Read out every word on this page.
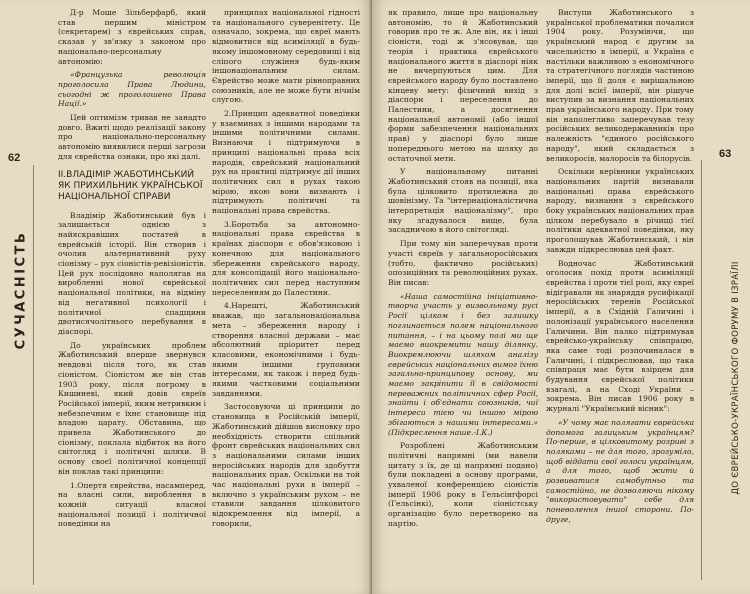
СУЧАСНІСТЬ
62

Д-р Моше Зільберфарб, який став першим міністром (секретарем) з єврейських справ, сказав у зв'язку з законом про національно-персональну автономію:

«Французька революція проголосила Права Людини, сьогодні ж проголошено Права Нації.»

Цей оптимізм тривав не занадто довго. Вжиті щодо реалізації закону про національно-персональну автономію виявилися перші загрози для єврейства ознаки, про які далі.

ІІ.ВЛАДІМІР ЖАБОТИНСЬКИЙ ЯК ПРИХИЛЬНИК УКРАЇНСЬКОЇ НАЦІОНАЛЬНОЇ СПРАВИ

Владімір Жаботинський був і залишається однією з найяскравіших постатей в єврейській історії. Він створив і очолив альтернативний руху сіонізму – рух сіоністів-ревізіоністів. Цей рух послідовно наполягав на виробленні нової єврейської національної політики, на відміну від негативної психології і політичної спадщини двотисячолітнього перебування в діаспорі.

До українських проблем Жаботинський вперше звернувся невдовзі після того, як став сіоністом. Сіоністом же він став 1903 року, після погрому в Кишиневі, який довів євреїв Російської імперії, яким нетривким і небезпечним є їхнє становище під владою царату. Обставина, що привела Жаботинського до сіонізму, поклала відбиток на його світогляд і політичні шляхи. В основу своєї політичної концепції він поклав такі принципи:

1.Опертя єврейства, насамперед, на власні сили, вироблення в кожній ситуації власної національної позиції і політичної поведінки на

принципах національної гідності та національного суверенітету. Це означало, зокрема, що євреї мають відмовитися від асиміляції в будь-якому іншомовному середовищі і від сліпого служіння будь-яким іншонаціональним силам. Єврейство може мати рівноправних союзників, але не може бути нічиїм слугою.

2.Принцип адекватної поведінки у взаєминах з іншими народами та іншими політичними силами. Визнаючи і підтримуючи в принципі національні права всіх народів, єврейський національний рух на практиці підтримує дії інших політичних сил в рухах такою мірою, якою вони визнають і підтримують політичні та національні права єврейства.

3.Боротьба за автономно-національні права єврейства в країнах діаспори є обов'язковою і конечною для національного збереження єврейського народу, для консолідації його національно-політичних сил перед наступним переселенням до Палестини.

4.Нарешті, Жаботинський вважав, що загальнонаціональна мета – збереження народу і створення власної держави – має абсолютний пріоритет перед класовими, економічними і будь-якими іншими груповими інтересами, як також і перед будь-якими частковими соціальними завданнями.

Застосовуючи ці принципи до становища в Російській імперії, Жаботинський дійшов висновку про необхідність створити спільний фронт єврейських національних сил з національними силами інших неросійських народів для здобуття національних прав. Оскільки на той час національні рухи в імперії – включно з українським рухом – не ставили завдання цілковитого відокремлення від імперії, а говорили,

як правило, лише про національну автономію, то й Жаботинський говорив про те ж. Але він, як і інші сіоністи, тоді ж з'ясовував, що теорія і практика єврейського національного життя в діаспорі ніяк не вичерпуються цим. Для єврейського народу було поставлено кінцеву мету: фізичний вихід з діаспори і переселення до Палестини, а досягнення національної автономії (або іншої форми забезпечення національних прав) у діаспорі було лише попереднього метою на шляху до остаточної мети.

У національному питанні Жаботинський стояв на позиції, яка була цілковито протилежна до шовінізму. Та "інтернаціоналістична інтерпретація націоналізму", про яку згадувалося вище, була засадничою в його світогляді.

При тому він заперечував проти участі євреїв у загальноросійських (тобто, фактично російських) опозиційних та революційних рухах. Він писав:

«Наша самостійна ініціативно-творча участь у визвольному русі Росії цілком і без залишку поглинається полем національного питання, – і на цьому полі ми ще маємо виокремити нашу ділянку. Виокремлюючи шляхом аналізу єврейських національних вимог їхню загально-принципову основу, ми маємо закріпити її в свідомості переважних політичних сфер Росії, знайти і об'єднати союзників, чиї інтереси тією чи іншою мірою збігаються з нашими інтересами.» (Підкреслення наше.-І.К.)

Розроблені Жаботинським політичні напрямні (ми навели цитату з їх, де ці напрямні подано) були покладені в основу програми, ухваленої конференцією сіоністів імперії 1906 року в Гельсінгфорсі (Гельсінкі), коли сіоністську організацію було перетворено на партію.

Виступи Жаботинського з української проблематики почалися 1904 року. Розуміючи, що український народ є другим за чисельністю в імперії, а Україна є настільки важливою з економічного та стратегічного поглядів частиною імперії, що її доля є вирішальною для долі всієї імперії, він рішуче виступив за визнання національних прав українського народу. При тому він наполегливо заперечував тезу російських великодержавників про належність "єдиного російського народу", який складається з великоросів, малоросів та білорусів.

Оскільки керівники українських національних партій визнавали національні права єврейського народу, визнання з єврейського боку українських національних прав цілком перебувало в річищі тієї політики адекватної поведінки, яку проголошував Жаботинський, і він завжди підкреслював цей факт.

Водночас Жаботинський оголосив похід проти асиміляції єврейства і проти тієї ролі, яку євреї відігравали як знаряддя русифікації неросійських теренів Російської імперії, а в Східній Галичині і полонізації українського населення Галичини. Він палко підтримував єврейсько-українську співпрацю, яка саме тоді розпочиналася в Галичині, і підкреслював, що така співпраця має бути взірцем для будування єврейської політики взагалі, а на Сході України – зокрема. Він писав 1906 року в журналі "Український вісник":

«У чому має полягати єврейська допомога галицьким українцям? По-перше, в цілковитому розриві з поляками – не для того, зрозуміло, щоб віддати свої голоси українцям, а для того, щоб жити й розвиватися самобутньо та самостійно, не дозволяючи нікому "використовувати" себе для поневолення іншої сторони. По-друге,

63
ДО ЄВРЕЙСЬКО-УКРАЇНСЬКОГО ФОРУМУ В ІЗРАЇЛІ
